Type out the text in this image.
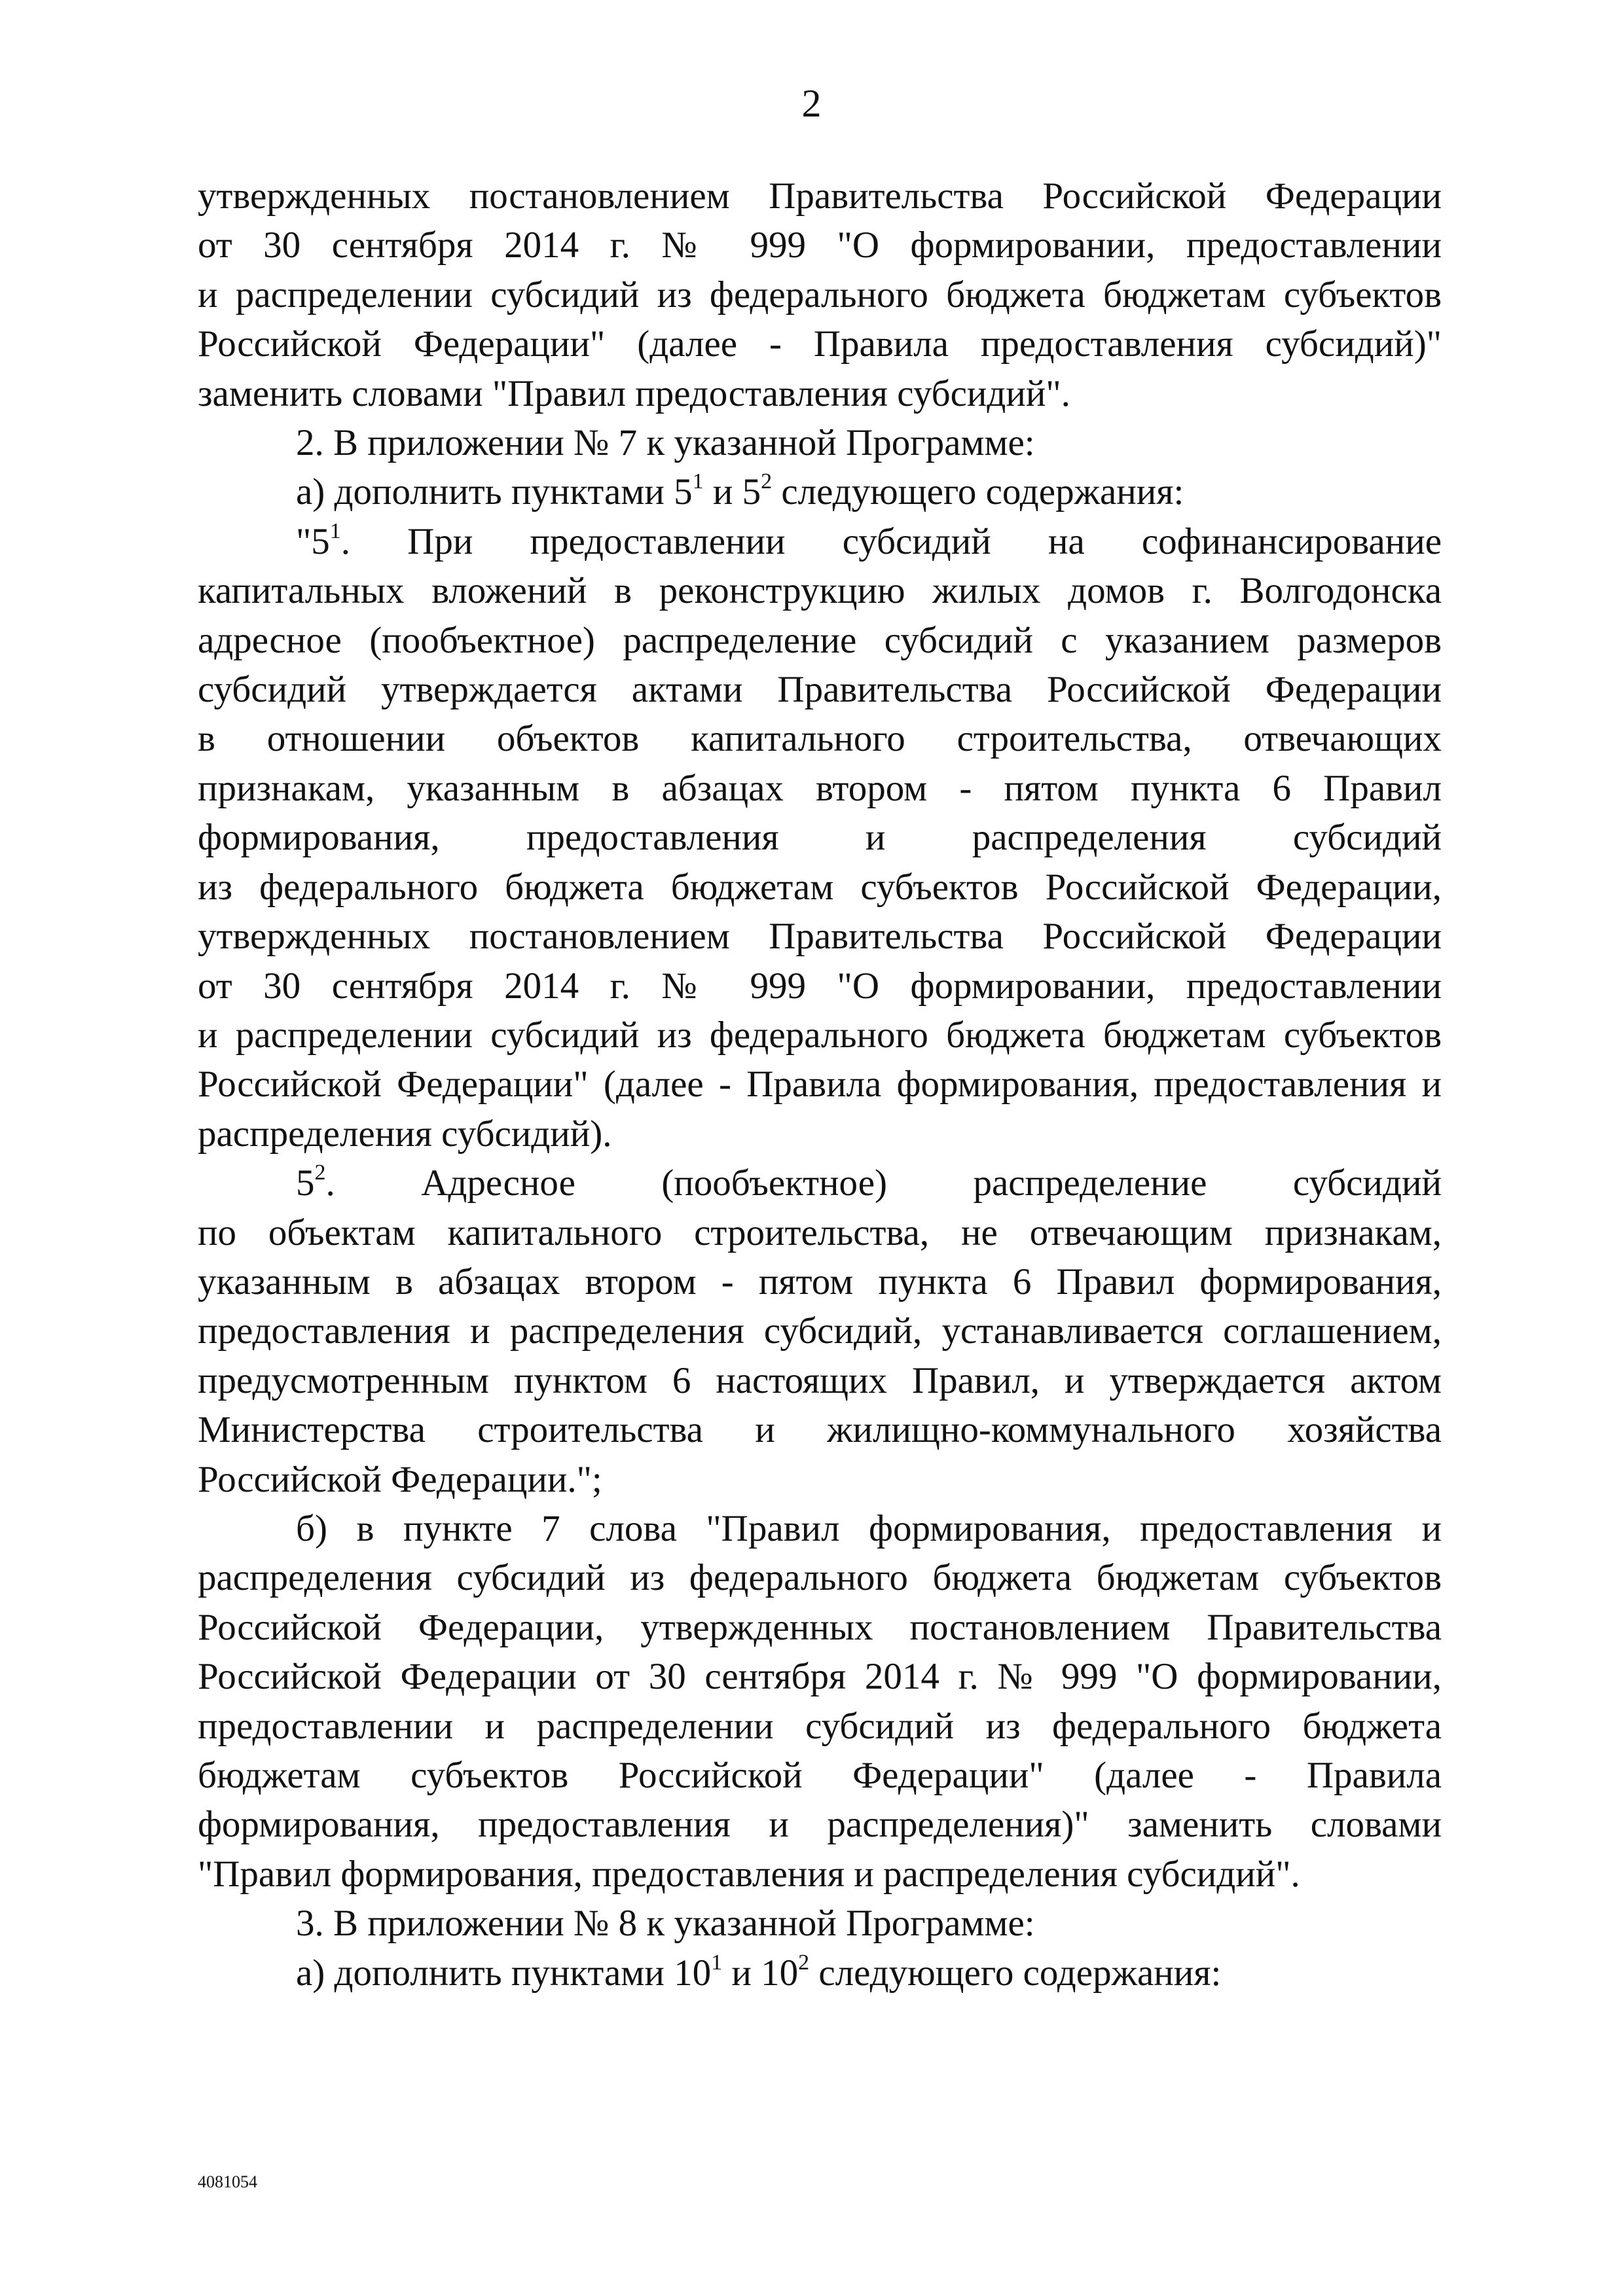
2
утвержденных постановлением Правительства Российской Федерации
от 30 сентября 2014 г. № 999 "О формировании, предоставлении
и распределении субсидий из федерального бюджета бюджетам субъектов
Российской Федерации" (далее - Правила предоставления субсидий)"
заменить словами "Правил предоставления субсидий".
2. В приложении № 7 к указанной Программе:
а) дополнить пунктами $5^1$ и $5^2$ следующего содержания:
"$5^1$. При предоставлении субсидий на софинансирование
капитальных вложений в реконструкцию жилых домов г. Волгодонска
адресное (пообъектное) распределение субсидий с указанием размеров
субсидий утверждается актами Правительства Российской Федерации
в отношении объектов капитального строительства, отвечающих
признакам, указанным в абзацах втором - пятом пункта 6 Правил
формирования, предоставления и распределения субсидий
из федерального бюджета бюджетам субъектов Российской Федерации,
утвержденных постановлением Правительства Российской Федерации
от 30 сентября 2014 г. № 999 "О формировании, предоставлении
и распределении субсидий из федерального бюджета бюджетам субъектов
Российской Федерации" (далее - Правила формирования, предоставления и
распределения субсидий).
$5^2$. Адресное (пообъектное) распределение субсидий
по объектам капитального строительства, не отвечающим признакам,
указанным в абзацах втором - пятом пункта 6 Правил формирования,
предоставления и распределения субсидий, устанавливается соглашением,
предусмотренным пунктом 6 настоящих Правил, и утверждается актом
Министерства строительства и жилищно-коммунального хозяйства
Российской Федерации.";
б) в пункте 7 слова "Правил формирования, предоставления и
распределения субсидий из федерального бюджета бюджетам субъектов
Российской Федерации, утвержденных постановлением Правительства
Российской Федерации от 30 сентября 2014 г. № 999 "О формировании,
предоставлении и распределении субсидий из федерального бюджета
бюджетам субъектов Российской Федерации" (далее - Правила
формирования, предоставления и распределения)" заменить словами
"Правил формирования, предоставления и распределения субсидий".
3. В приложении № 8 к указанной Программе:
а) дополнить пунктами $10^1$ и $10^2$ следующего содержания:
4081054
